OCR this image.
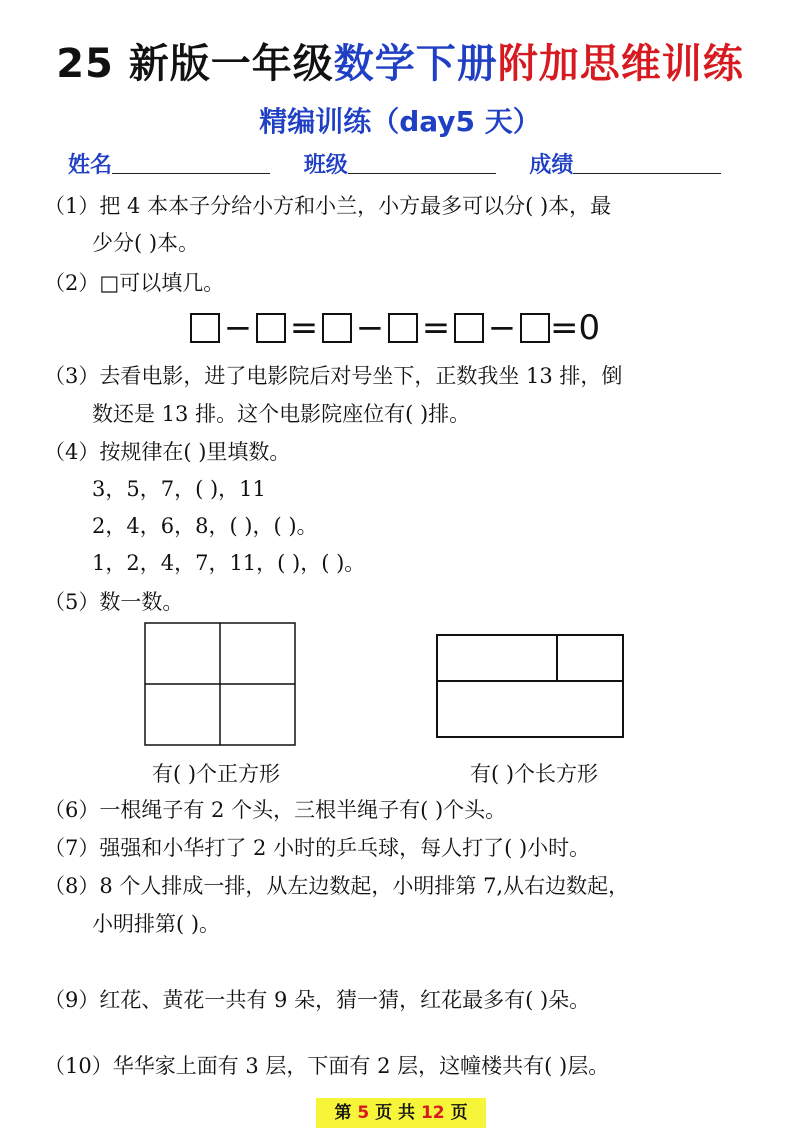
25 新版一年级数学下册附加思维训练
精编训练（day5 天）
姓名	班级	成绩
（1）把 4 本本子分给小方和小兰，小方最多可以分( )本，最
少分( )本。
（2）□可以填几。
− = − = − =0
（3）去看电影，进了电影院后对号坐下，正数我坐 13 排，倒
数还是 13 排。这个电影院座位有( )排。
（4）按规律在( )里填数。
3，5，7，( )，11
2，4，6，8，( )，( )。
1，2，4，7，11，( )，( )。
（5）数一数。
有( )个正方形	有( )个长方形
（6）一根绳子有 2 个头，三根半绳子有( )个头。
（7）强强和小华打了 2 小时的乒乓球，每人打了( )小时。
（8）8 个人排成一排，从左边数起，小明排第 7,从右边数起，
小明排第( )。
（9）红花、黄花一共有 9 朵，猜一猜，红花最多有( )朵。
（10）华华家上面有 3 层，下面有 2 层，这幢楼共有( )层。
第 5 页 共 12 页
